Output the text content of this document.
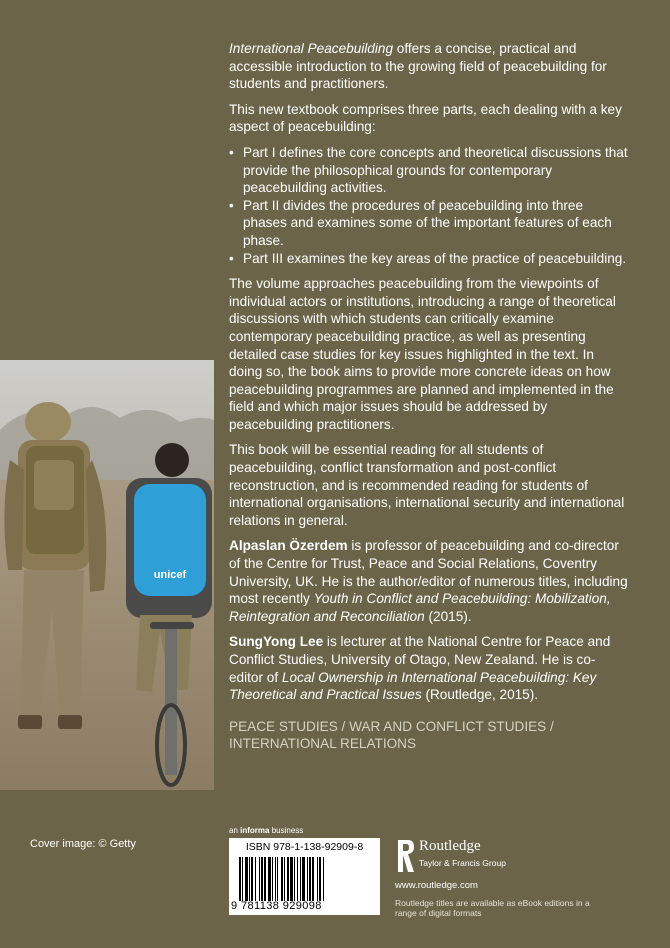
unicef

International Peacebuilding offers a concise, practical and accessible introduction to the growing field of peacebuilding for students and practitioners.

This new textbook comprises three parts, each dealing with a key aspect of peacebuilding:

• Part I defines the core concepts and theoretical discussions that provide the philosophical grounds for contemporary peacebuilding activities.
• Part II divides the procedures of peacebuilding into three phases and examines some of the important features of each phase.
• Part III examines the key areas of the practice of peacebuilding.

The volume approaches peacebuilding from the viewpoints of individual actors or institutions, introducing a range of theoretical discussions with which students can critically examine contemporary peacebuilding practice, as well as presenting detailed case studies for key issues highlighted in the text. In doing so, the book aims to provide more concrete ideas on how peacebuilding programmes are planned and implemented in the field and which major issues should be addressed by peacebuilding practitioners.

This book will be essential reading for all students of peacebuilding, conflict transformation and post-conflict reconstruction, and is recommended reading for students of international organisations, international security and international relations in general.

Alpaslan Özerdem is professor of peacebuilding and co-director of the Centre for Trust, Peace and Social Relations, Coventry University, UK. He is the author/editor of numerous titles, including most recently Youth in Conflict and Peacebuilding: Mobilization, Reintegration and Reconciliation (2015).

SungYong Lee is lecturer at the National Centre for Peace and Conflict Studies, University of Otago, New Zealand. He is co-editor of Local Ownership in International Peacebuilding: Key Theoretical and Practical Issues (Routledge, 2015).

PEACE STUDIES / WAR AND CONFLICT STUDIES / INTERNATIONAL RELATIONS

Cover image: © Getty
an informa business
ISBN 978-1-138-92909-8
9 781138 929098
Routledge
Taylor & Francis Group
www.routledge.com
Routledge titles are available as eBook editions in a range of digital formats
